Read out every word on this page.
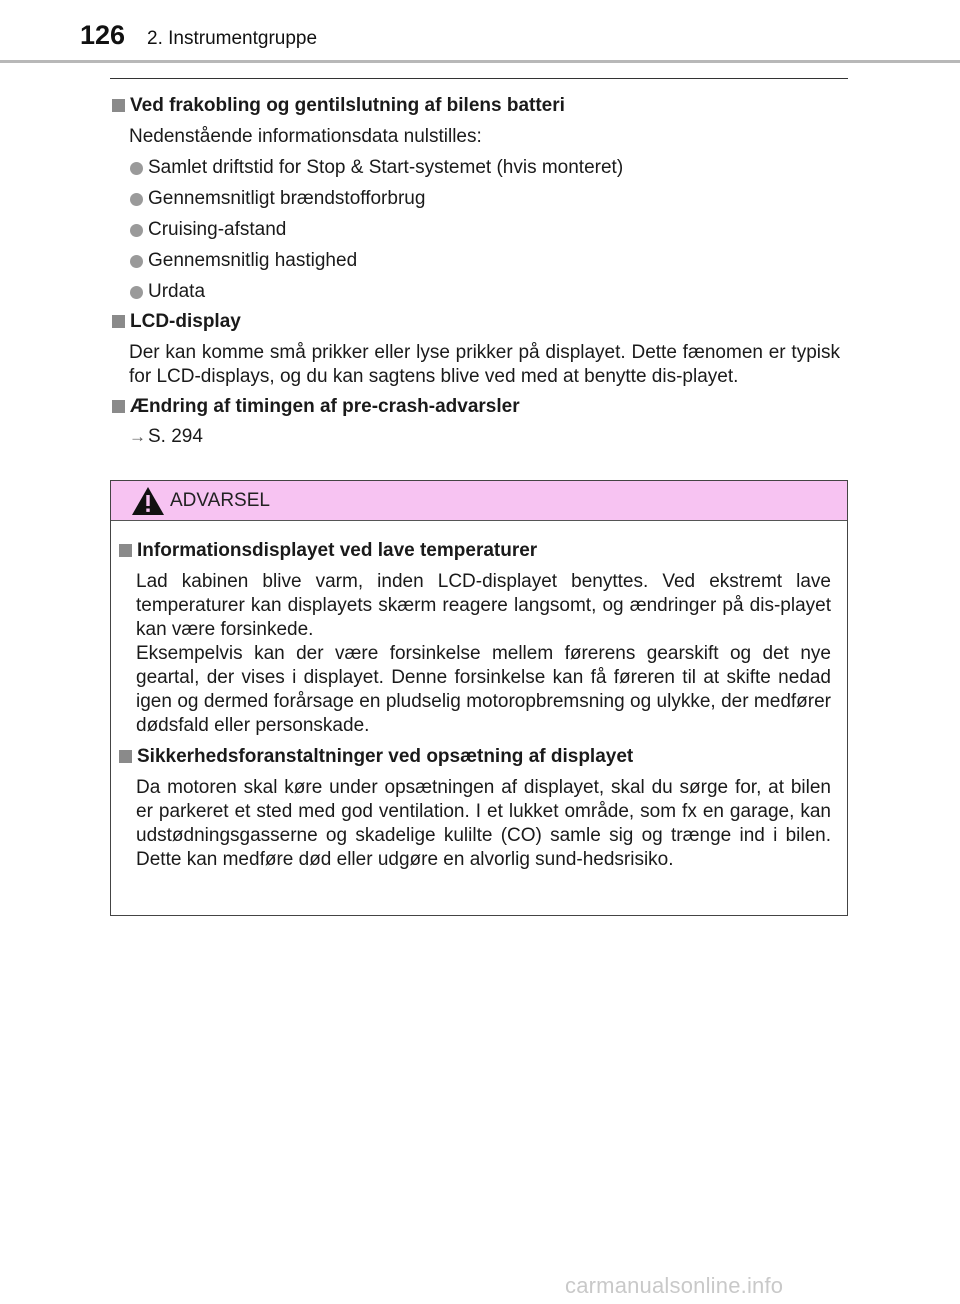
126 2. Instrumentgruppe
Ved frakobling og gentilslutning af bilens batteri
Nedenstående informationsdata nulstilles:
Samlet driftstid for Stop & Start-systemet (hvis monteret)
Gennemsnitligt brændstofforbrug
Cruising-afstand
Gennemsnitlig hastighed
Urdata
LCD-display
Der kan komme små prikker eller lyse prikker på displayet. Dette fænomen er typisk for LCD-displays, og du kan sagtens blive ved med at benytte dis-playet.
Ændring af timingen af pre-crash-advarsler
→ S. 294
ADVARSEL
Informationsdisplayet ved lave temperaturer
Lad kabinen blive varm, inden LCD-displayet benyttes. Ved ekstremt lave temperaturer kan displayets skærm reagere langsomt, og ændringer på dis-playet kan være forsinkede.
Eksempelvis kan der være forsinkelse mellem førerens gearskift og det nye geartal, der vises i displayet. Denne forsinkelse kan få føreren til at skifte nedad igen og dermed forårsage en pludselig motoropbremsning og ulykke, der medfører dødsfald eller personskade.
Sikkerhedsforanstaltninger ved opsætning af displayet
Da motoren skal køre under opsætningen af displayet, skal du sørge for, at bilen er parkeret et sted med god ventilation. I et lukket område, som fx en garage, kan udstødningsgasserne og skadelige kulilte (CO) samle sig og trænge ind i bilen. Dette kan medføre død eller udgøre en alvorlig sund-hedsrisiko.
carmanualsonline.info
